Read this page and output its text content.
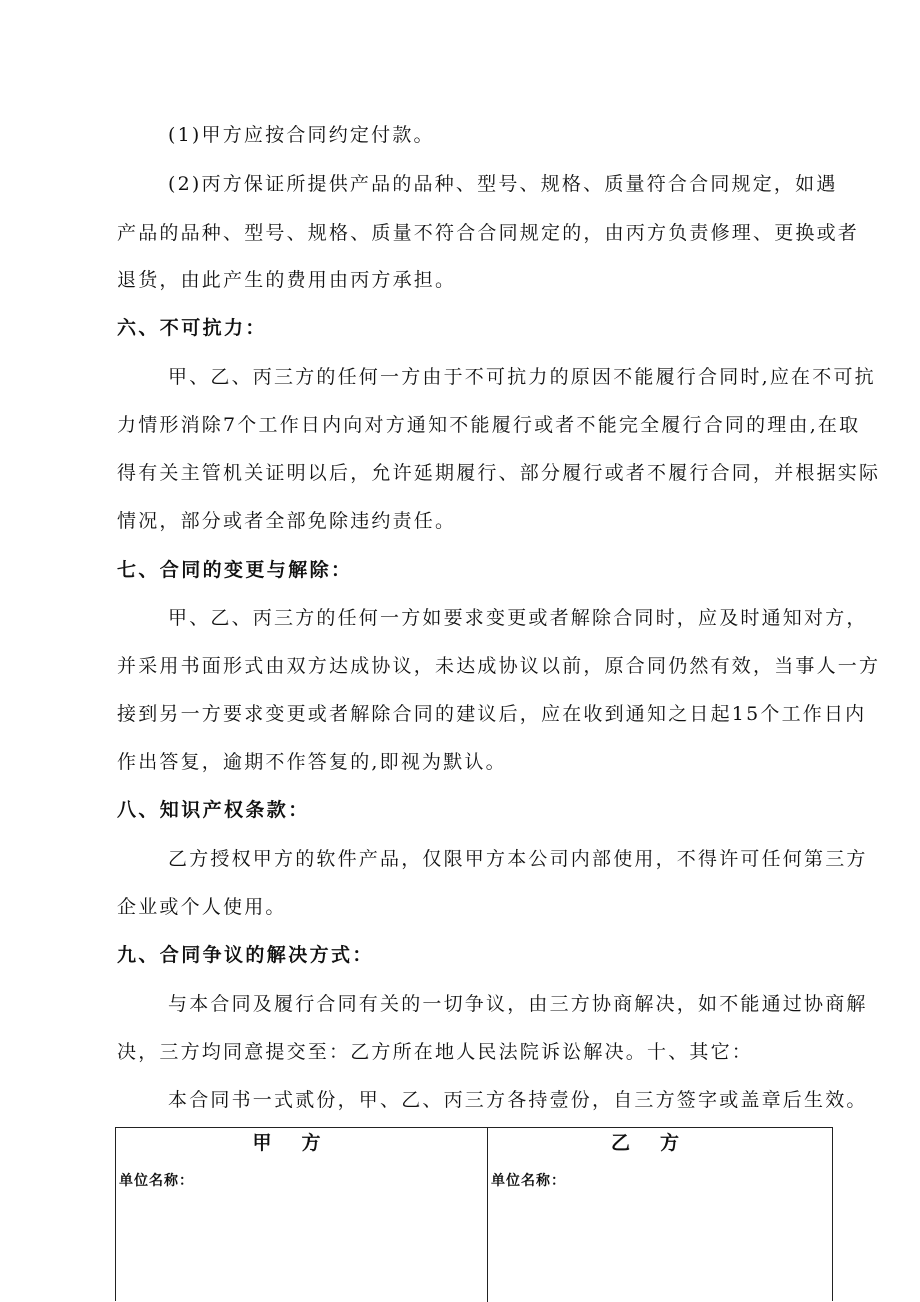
(1)甲方应按合同约定付款。
(2)丙方保证所提供产品的品种、型号、规格、质量符合合同规定，如遇
产品的品种、型号、规格、质量不符合合同规定的，由丙方负责修理、更换或者
退货，由此产生的费用由丙方承担。
六、不可抗力：
甲、乙、丙三方的任何一方由于不可抗力的原因不能履行合同时,应在不可抗
力情形消除7个工作日内向对方通知不能履行或者不能完全履行合同的理由,在取
得有关主管机关证明以后，允许延期履行、部分履行或者不履行合同，并根据实际
情况，部分或者全部免除违约责任。
七、合同的变更与解除：
甲、乙、丙三方的任何一方如要求变更或者解除合同时，应及时通知对方，
并采用书面形式由双方达成协议，未达成协议以前，原合同仍然有效，当事人一方
接到另一方要求变更或者解除合同的建议后，应在收到通知之日起15个工作日内
作出答复，逾期不作答复的,即视为默认。
八、知识产权条款：
乙方授权甲方的软件产品，仅限甲方本公司内部使用，不得许可任何第三方
企业或个人使用。
九、合同争议的解决方式：
与本合同及履行合同有关的一切争议，由三方协商解决，如不能通过协商解
决，三方均同意提交至：乙方所在地人民法院诉讼解决。十、其它：
本合同书一式贰份，甲、乙、丙三方各持壹份，自三方签字或盖章后生效。
甲方
单位名称：
乙方
单位名称：
